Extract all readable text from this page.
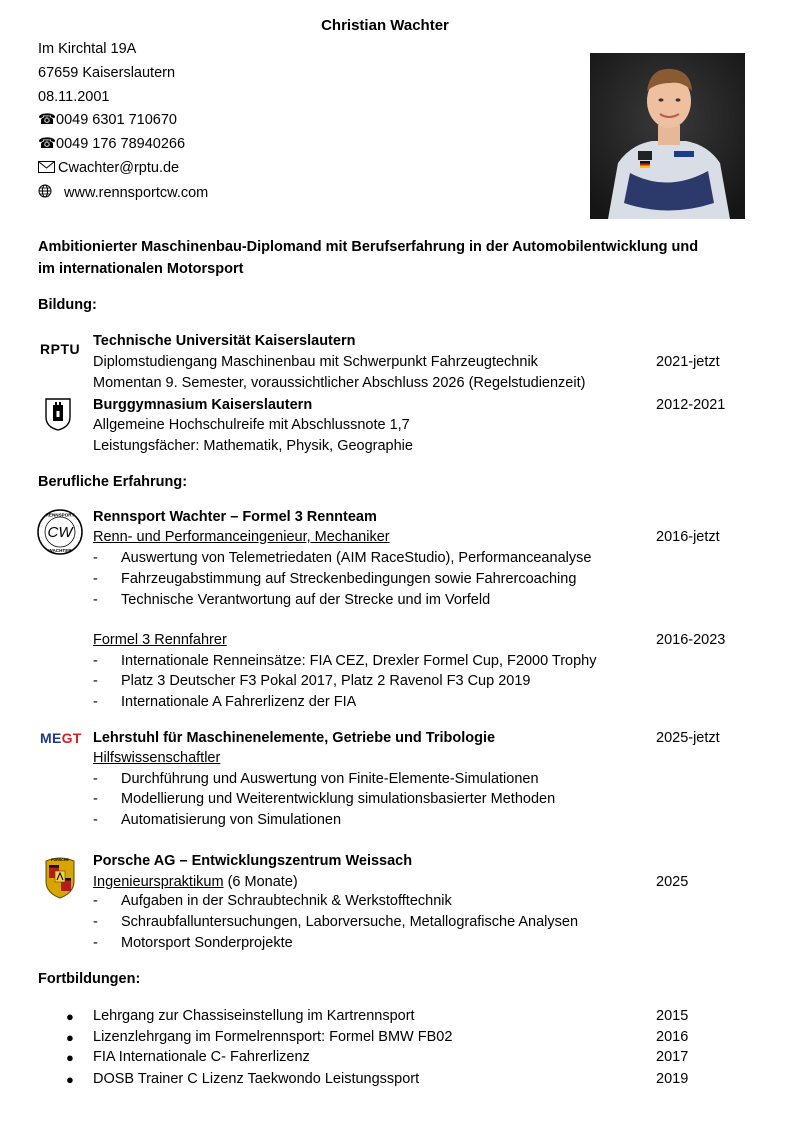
Christian Wachter
Im Kirchtal 19A
67659 Kaiserslautern
08.11.2001
☎0049 6301 710670
☎0049 176 78940266
Cwachter@rptu.de
www.rennsportcw.com
Ambitionierter Maschinenbau-Diplomand mit Berufserfahrung in der Automobilentwicklung und
im internationalen Motorsport
Bildung:
RPTU Technische Universität Kaiserslautern
Diplomstudiengang Maschinenbau mit Schwerpunkt Fahrzeugtechnik	2021-jetzt
Momentan 9. Semester, voraussichtlicher Abschluss 2026 (Regelstudienzeit)
Burggymnasium Kaiserslautern	2012-2021
Allgemeine Hochschulreife mit Abschlussnote 1,7
Leistungsfächer: Mathematik, Physik, Geographie
Berufliche Erfahrung:
CW
RENNSPORT
WACHTER
Rennsport Wachter – Formel 3 Rennteam
Renn- und Performanceingenieur, Mechaniker	2016-jetzt
- Auswertung von Telemetriedaten (AIM RaceStudio), Performanceanalyse
- Fahrzeugabstimmung auf Streckenbedingungen sowie Fahrercoaching
- Technische Verantwortung auf der Strecke und im Vorfeld
Formel 3 Rennfahrer	2016-2023
- Internationale Renneinsätze: FIA CEZ, Drexler Formel Cup, F2000 Trophy
- Platz 3 Deutscher F3 Pokal 2017, Platz 2 Ravenol F3 Cup 2019
- Internationale A Fahrerlizenz der FIA
MEGT Lehrstuhl für Maschinenelemente, Getriebe und Tribologie	2025-jetzt
Hilfswissenschaftler
- Durchführung und Auswertung von Finite-Elemente-Simulationen
- Modellierung und Weiterentwicklung simulationsbasierter Methoden
- Automatisierung von Simulationen
PORSCHE Porsche AG – Entwicklungszentrum Weissach
Ingenieurspraktikum (6 Monate)	2025
- Aufgaben in der Schraubtechnik & Werkstofftechnik
- Schraubfalluntersuchungen, Laborversuche, Metallografische Analysen
- Motorsport Sonderprojekte
Fortbildungen:
● Lehrgang zur Chassiseinstellung im Kartrennsport	2015
● Lizenzlehrgang im Formelrennsport: Formel BMW FB02	2016
● FIA Internationale C- Fahrerlizenz	2017
● DOSB Trainer C Lizenz Taekwondo Leistungssport	2019
